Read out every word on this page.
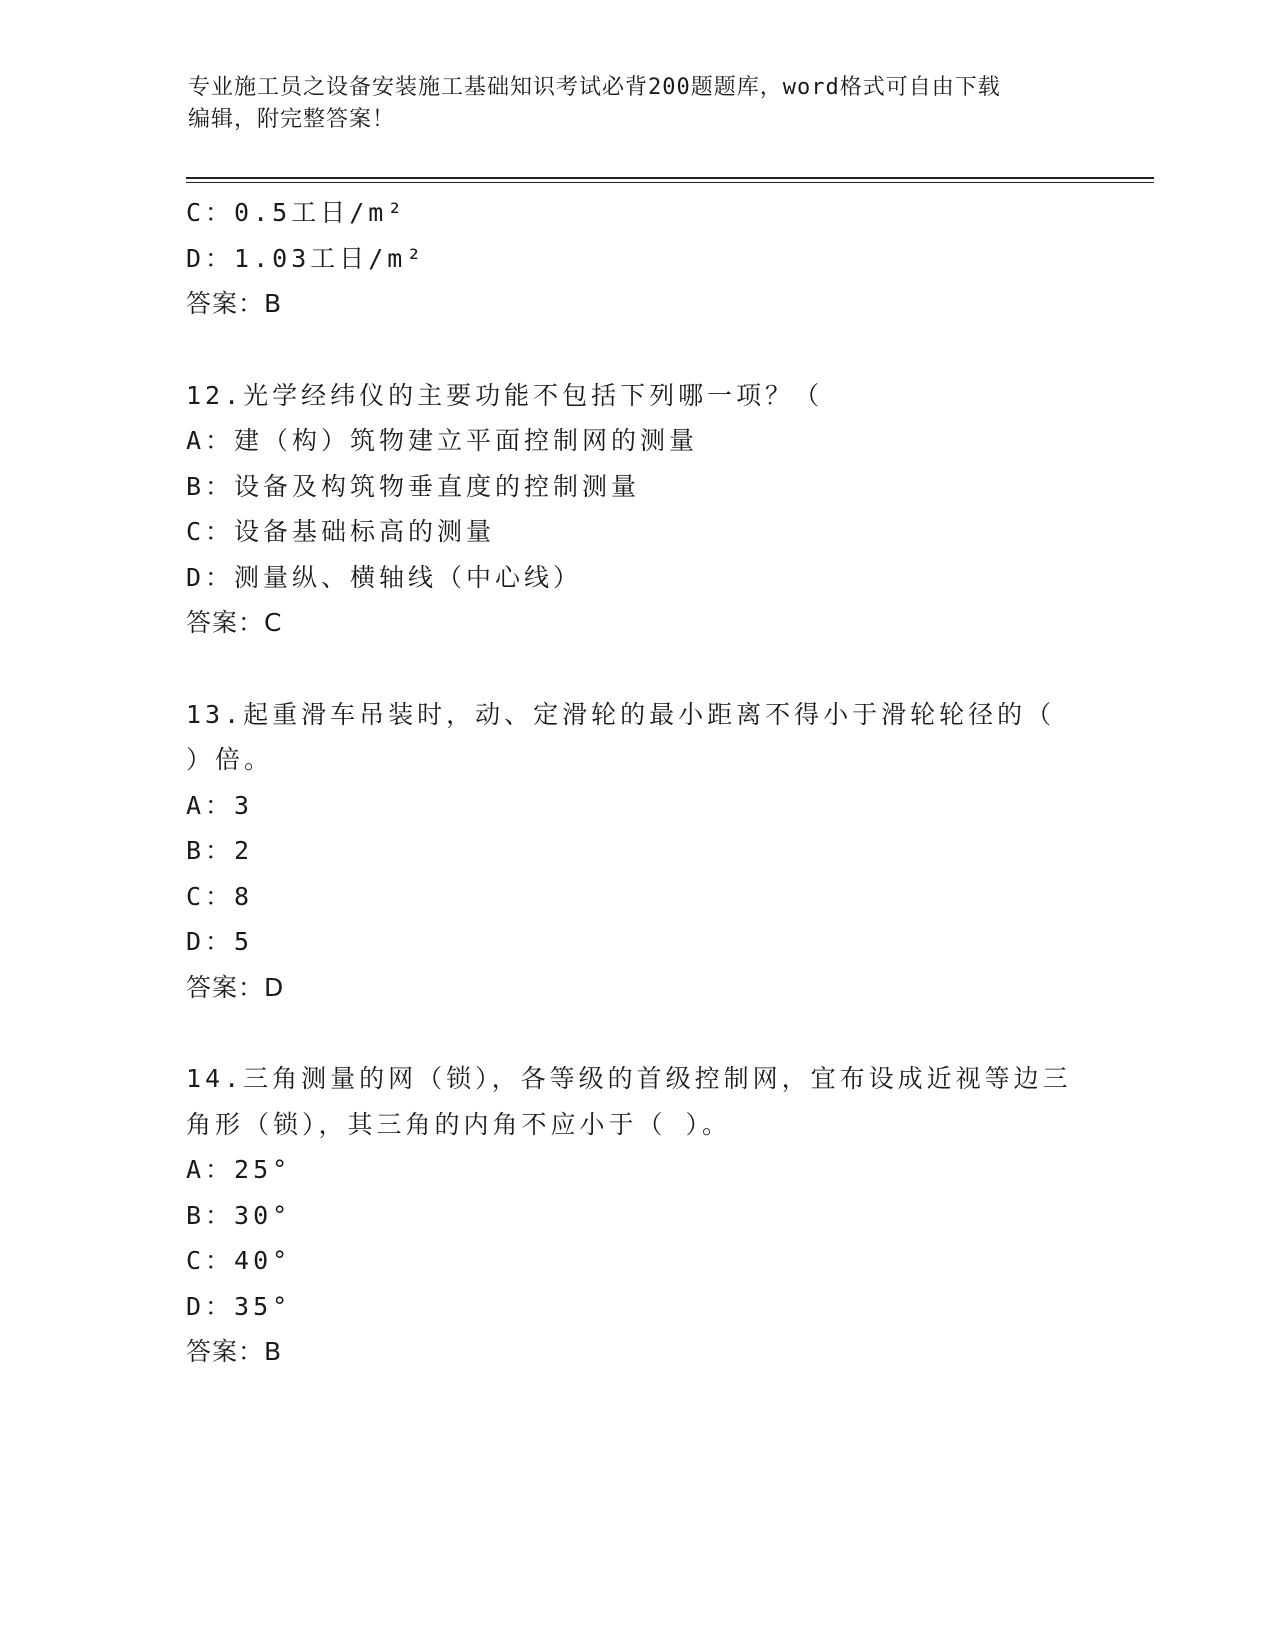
专业施工员之设备安装施工基础知识考试必背200题题库，word格式可自由下载
编辑，附完整答案！
C：0.5工日/m²
D：1.03工日/m²
答案：B
12.光学经纬仪的主要功能不包括下列哪一项？（
A：建（构）筑物建立平面控制网的测量
B：设备及构筑物垂直度的控制测量
C：设备基础标高的测量
D：测量纵、横轴线（中心线）
答案：C
13.起重滑车吊装时，动、定滑轮的最小距离不得小于滑轮轮径的（
）倍。
A：3
B：2
C：8
D：5
答案：D
14.三角测量的网（锁），各等级的首级控制网，宜布设成近视等边三
角形（锁），其三角的内角不应小于（ ）。
A：25°
B：30°
C：40°
D：35°
答案：B
